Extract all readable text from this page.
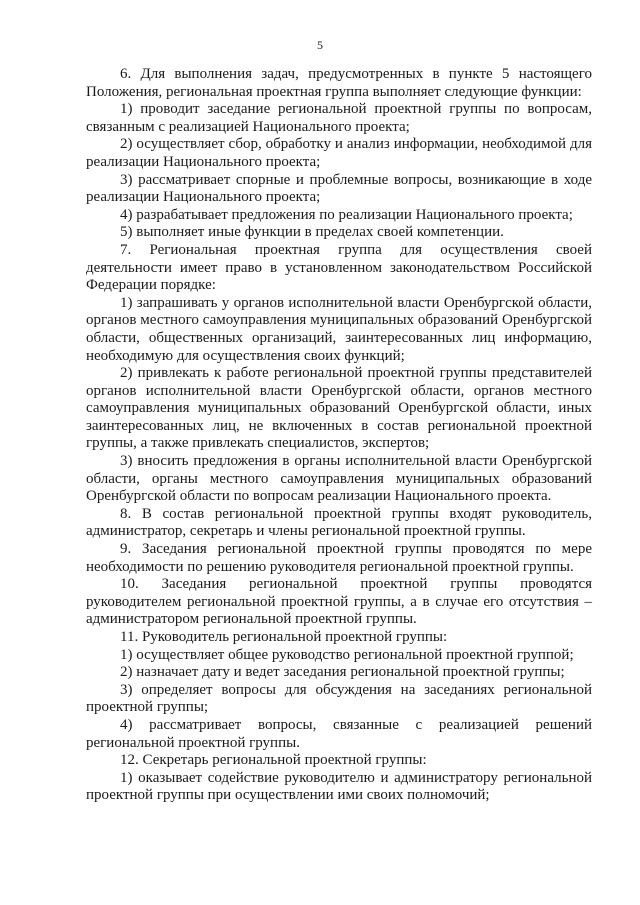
5

6. Для выполнения задач, предусмотренных в пункте 5 настоящего Положения, региональная проектная группа выполняет следующие функции:

1) проводит заседание региональной проектной группы по вопросам, связанным с реализацией Национального проекта;

2) осуществляет сбор, обработку и анализ информации, необходимой для реализации Национального проекта;

3) рассматривает спорные и проблемные вопросы, возникающие в ходе реализации Национального проекта;

4) разрабатывает предложения по реализации Национального проекта;

5) выполняет иные функции в пределах своей компетенции.

7. Региональная проектная группа для осуществления своей деятельности имеет право в установленном законодательством Российской Федерации порядке:

1) запрашивать у органов исполнительной власти Оренбургской области, органов местного самоуправления муниципальных образований Оренбургской области, общественных организаций, заинтересованных лиц информацию, необходимую для осуществления своих функций;

2) привлекать к работе региональной проектной группы представителей органов исполнительной власти Оренбургской области, органов местного самоуправления муниципальных образований Оренбургской области, иных заинтересованных лиц, не включенных в состав региональной проектной группы, а также привлекать специалистов, экспертов;

3) вносить предложения в органы исполнительной власти Оренбургской области, органы местного самоуправления муниципальных образований Оренбургской области по вопросам реализации Национального проекта.

8. В состав региональной проектной группы входят руководитель, администратор, секретарь и члены региональной проектной группы.

9. Заседания региональной проектной группы проводятся по мере необходимости по решению руководителя региональной проектной группы.

10. Заседания региональной проектной группы проводятся руководителем региональной проектной группы, а в случае его отсутствия – администратором региональной проектной группы.

11. Руководитель региональной проектной группы:

1) осуществляет общее руководство региональной проектной группой;

2) назначает дату и ведет заседания региональной проектной группы;

3) определяет вопросы для обсуждения на заседаниях региональной проектной группы;

4) рассматривает вопросы, связанные с реализацией решений региональной проектной группы.

12. Секретарь региональной проектной группы:

1) оказывает содействие руководителю и администратору региональной проектной группы при осуществлении ими своих полномочий;
